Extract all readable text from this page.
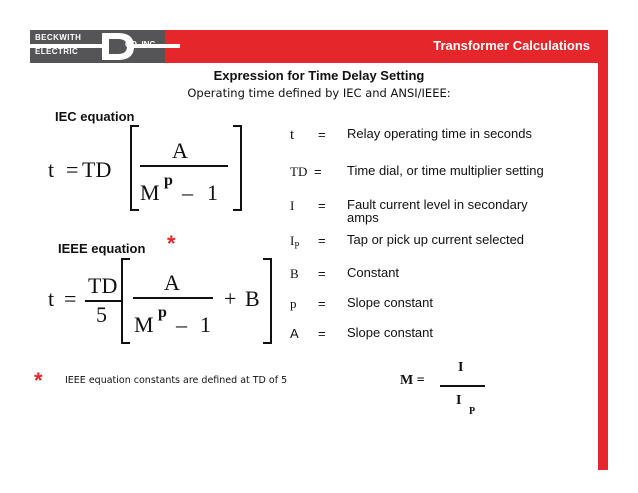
BECKWITH
ELECTRIC
CO. INC.	Transformer Calculations
Expression for Time Delay Setting
Operating time defined by IEC and ANSI/IEEE:
IEC equation
t = TD
A
M p – 1
IEEE equation *
t =
TD
5
A
M p – 1
+ B
t = Relay operating time in seconds
TD = Time dial, or time multiplier setting
I = Fault current level in secondary amps
$I_P$ = Tap or pick up current selected
B = Constant
p = Slope constant
A = Slope constant
* IEEE equation constants are defined at TD of 5	M =
I
I
P
